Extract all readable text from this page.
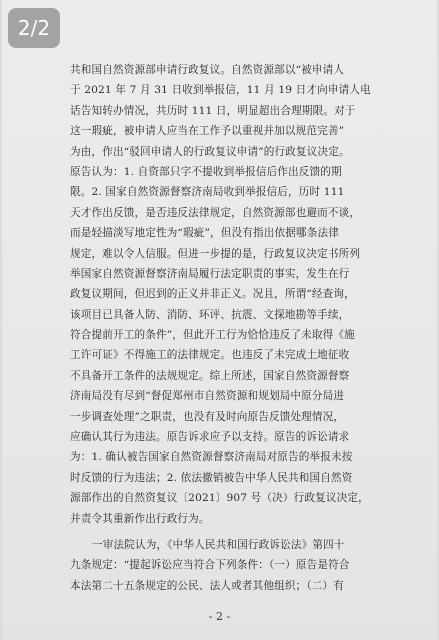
共和国自然资源部申请行政复议。自然资源部以“被申请人
于 2021 年 7 月 31 日收到举报信，11 月 19 日才向申请人电
话告知转办情况，共历时 111 日，明显超出合理期限。对于
这一瑕疵，被申请人应当在工作予以重视并加以规范完善”
为由，作出“驳回申请人的行政复议申请”的行政复议决定。
原告认为：1. 自资部只字不提收到举报信后作出反馈的期
限。2. 国家自然资源督察济南局收到举报信后，历时 111
天才作出反馈，是否违反法律规定，自然资源部也避而不谈，
而是轻描淡写地定性为“瑕疵”，但没有指出依据哪条法律
规定，难以令人信服。但进一步提的是，行政复议决定书所列
举国家自然资源督察济南局履行法定职责的事实，发生在行
政复议期间，但迟到的正义并非正义。况且，所谓“经查询，
该项目已具备人防、消防、环评、抗震、文探地勘等手续，
符合提前开工的条件”，但此开工行为恰恰违反了未取得《施
工许可证》不得施工的法律规定。也违反了未完成土地征收
不具备开工条件的法规规定。综上所述，国家自然资源督察
济南局没有尽到“督促郑州市自然资源和规划局中原分局进
一步调查处理”之职责，也没有及时向原告反馈处理情况，
应确认其行为违法。原告诉求应予以支持。原告的诉讼请求
为：1. 确认被告国家自然资源督察济南局对原告的举报未按
时反馈的行为违法；2. 依法撤销被告中华人民共和国自然资
源部作出的自然资复议〔2021〕907 号（决）行政复议决定，
并责令其重新作出行政行为。
一审法院认为，《中华人民共和国行政诉讼法》第四十
九条规定：“提起诉讼应当符合下列条件：（一）原告是符合
本法第二十五条规定的公民、法人或者其他组织；（二）有
- 2 -
2/2
